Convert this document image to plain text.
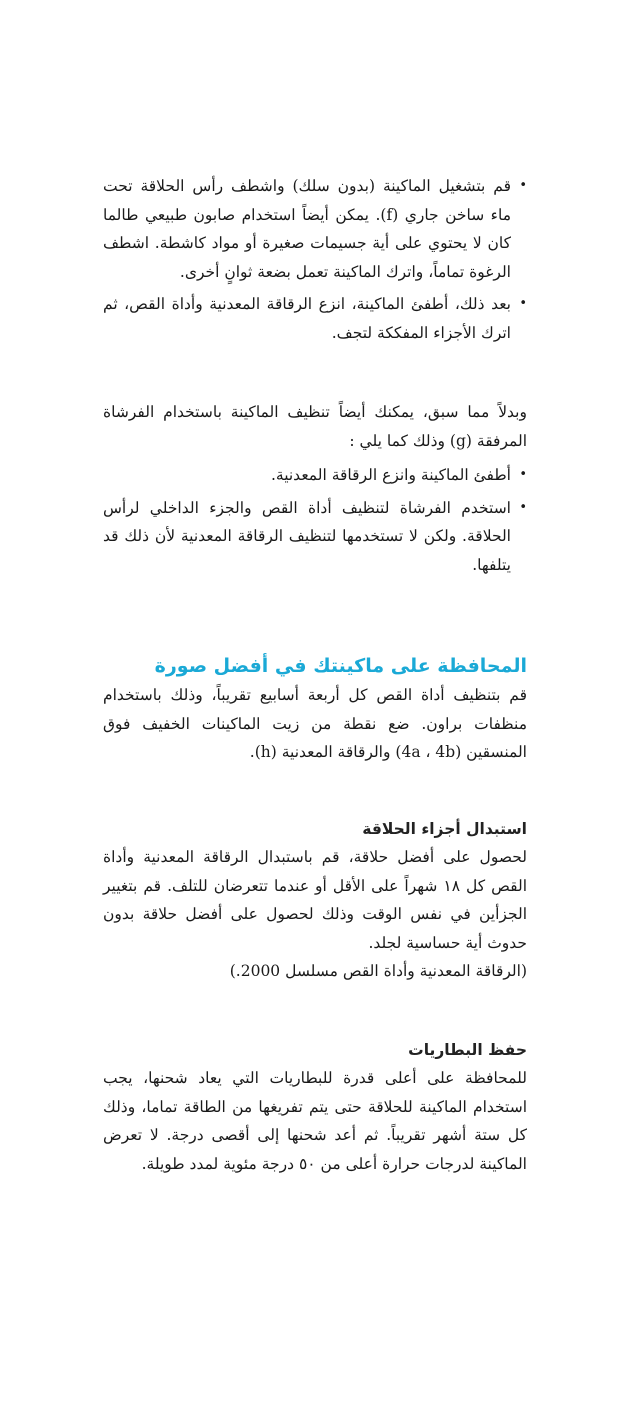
•
قم بتشغيل الماكينة (بدون سلك) واشطف رأس الحلاقة تحت ماء ساخن جاري (f). يمكن أيضاً استخدام صابون طبيعي طالما كان لا يحتوي على أية جسيمات صغيرة أو مواد كاشطة. اشطف الرغوة تماماً، واترك الماكينة تعمل بضعة ثوانٍ أخرى.
•
بعد ذلك، أطفئ الماكينة، انزع الرقاقة المعدنية وأداة القص، ثم اترك الأجزاء المفككة لتجف.

وبدلاً مما سبق، يمكنك أيضاً تنظيف الماكينة باستخدام الفرشاة المرفقة (g) وذلك كما يلي :

•
أطفئ الماكينة وانزع الرقاقة المعدنية.
•
استخدم الفرشاة لتنظيف أداة القص والجزء الداخلي لرأس الحلاقة. ولكن لا تستخدمها لتنظيف الرقاقة المعدنية لأن ذلك قد يتلفها.
المحافظة على ماكينتك في أفضل صورة

قم بتنظيف أداة القص كل أربعة أسابيع تقريباً، وذلك باستخدام منظفات براون. ضع نقطة من زيت الماكينات الخفيف فوق المنسقين (4a ، 4b) والرقاقة المعدنية (h).

استبدال أجزاء الحلاقة

لحصول على أفضل حلاقة، قم باستبدال الرقاقة المعدنية وأداة القص كل ١٨ شهراً على الأقل أو عندما تتعرضان للتلف. قم بتغيير الجزأين في نفس الوقت وذلك لحصول على أفضل حلاقة بدون حدوث أية حساسية لجلد.

(الرقاقة المعدنية وأداة القص مسلسل 2000.)

حفظ البطاريات

للمحافظة على أعلى قدرة للبطاريات التي يعاد شحنها، يجب استخدام الماكينة للحلاقة حتى يتم تفريغها من الطاقة تماما، وذلك كل ستة أشهر تقريباً. ثم أعد شحنها إلى أقصى درجة. لا تعرض الماكينة لدرجات حرارة أعلى من ٥٠ درجة مئوية لمدد طويلة.
